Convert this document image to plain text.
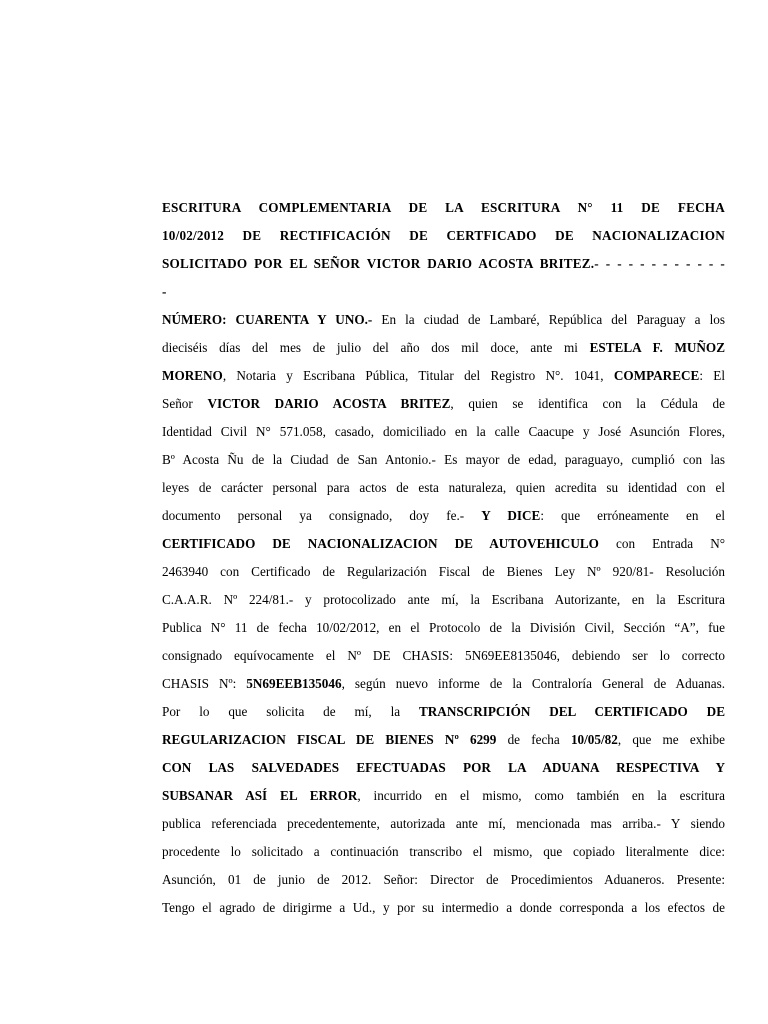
ESCRITURA COMPLEMENTARIA DE LA ESCRITURA N° 11 DE FECHA
10/02/2012 DE RECTIFICACIÓN DE CERTFICADO DE NACIONALIZACION
SOLICITADO POR EL SEÑOR VICTOR DARIO ACOSTA BRITEZ.- - - - - - - - - - - -
-
NÚMERO: CUARENTA Y UNO.- En la ciudad de Lambaré, República del Paraguay a los
dieciséis días del mes de julio del año dos mil doce, ante mi ESTELA F. MUÑOZ
MORENO, Notaria y Escribana Pública, Titular del Registro N°. 1041, COMPARECE: El
Señor VICTOR DARIO ACOSTA BRITEZ, quien se identifica con la Cédula de
Identidad Civil N° 571.058, casado, domiciliado en la calle Caacupe y José Asunción Flores,
Bº Acosta Ñu de la Ciudad de San Antonio.- Es mayor de edad, paraguayo, cumplió con las
leyes de carácter personal para actos de esta naturaleza, quien acredita su identidad con el
documento personal ya consignado, doy fe.- Y DICE: que erróneamente en el
CERTIFICADO DE NACIONALIZACION DE AUTOVEHICULO con Entrada N°
2463940 con Certificado de Regularización Fiscal de Bienes Ley Nº 920/81- Resolución
C.A.A.R. Nº 224/81.- y protocolizado ante mí, la Escribana Autorizante, en la Escritura
Publica N° 11 de fecha 10/02/2012, en el Protocolo de la División Civil, Sección “A”, fue
consignado equívocamente el Nº DE CHASIS: 5N69EE8135046, debiendo ser lo correcto
CHASIS Nº: 5N69EEB135046, según nuevo informe de la Contraloría General de Aduanas.
Por lo que solicita de mí, la TRANSCRIPCIÓN DEL CERTIFICADO DE
REGULARIZACION FISCAL DE BIENES Nº 6299 de fecha 10/05/82, que me exhibe
CON LAS SALVEDADES EFECTUADAS POR LA ADUANA RESPECTIVA Y
SUBSANAR ASÍ EL ERROR, incurrido en el mismo, como también en la escritura
publica referenciada precedentemente, autorizada ante mí, mencionada mas arriba.- Y siendo
procedente lo solicitado a continuación transcribo el mismo, que copiado literalmente dice:
Asunción, 01 de junio de 2012. Señor: Director de Procedimientos Aduaneros. Presente:
Tengo el agrado de dirigirme a Ud., y por su intermedio a donde corresponda a los efectos de
